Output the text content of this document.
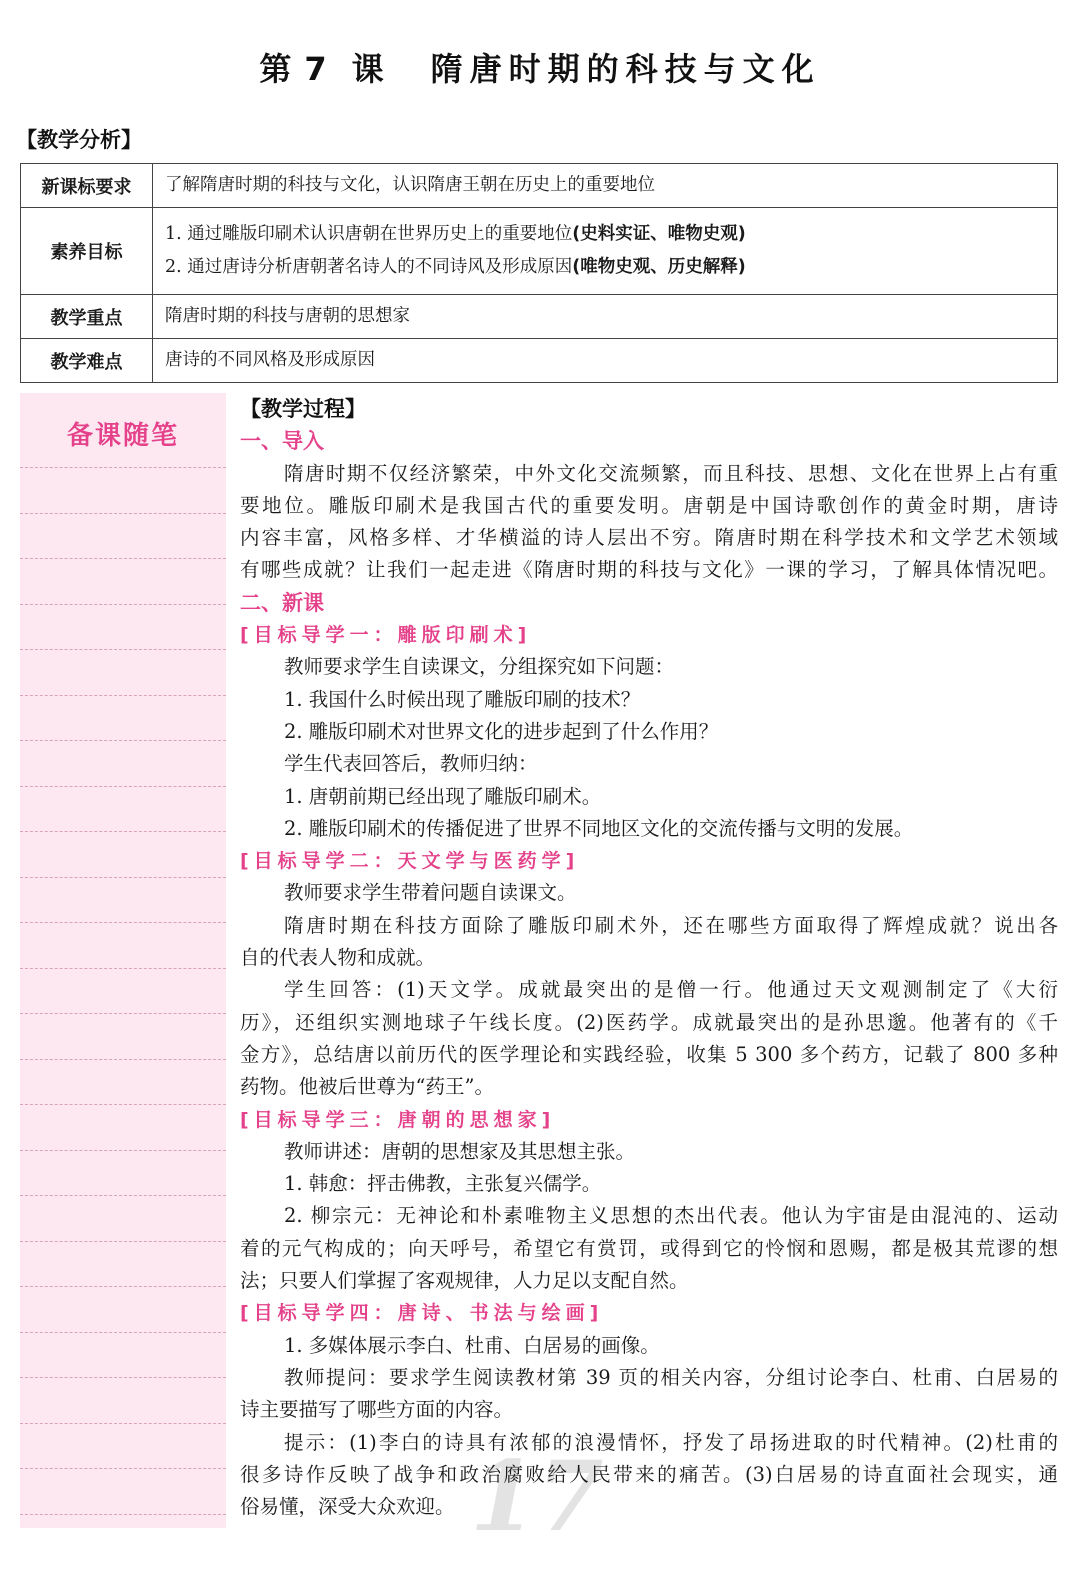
第 7 课 隋唐时期的科技与文化
【教学分析】
新课标要求	了解隋唐时期的科技与文化，认识隋唐王朝在历史上的重要地位

素养目标	1. 通过雕版印刷术认识唐朝在世界历史上的重要地位(史料实证、唯物史观)
2. 通过唐诗分析唐朝著名诗人的不同诗风及形成原因(唯物史观、历史解释)

教学重点	隋唐时期的科技与唐朝的思想家

教学难点	唐诗的不同风格及形成原因
备课随笔
17

【教学过程】

一、导入

隋唐时期不仅经济繁荣，中外文化交流频繁，而且科技、思想、文化在世界上占有重

要地位。雕版印刷术是我国古代的重要发明。唐朝是中国诗歌创作的黄金时期，唐诗

内容丰富，风格多样、才华横溢的诗人层出不穷。隋唐时期在科学技术和文学艺术领域

有哪些成就？让我们一起走进《隋唐时期的科技与文化》一课的学习，了解具体情况吧。

二、新课

[目标导学一：雕版印刷术]

教师要求学生自读课文，分组探究如下问题：

1. 我国什么时候出现了雕版印刷的技术？

2. 雕版印刷术对世界文化的进步起到了什么作用？

学生代表回答后，教师归纳：

1. 唐朝前期已经出现了雕版印刷术。

2. 雕版印刷术的传播促进了世界不同地区文化的交流传播与文明的发展。

[目标导学二：天文学与医药学]

教师要求学生带着问题自读课文。

隋唐时期在科技方面除了雕版印刷术外，还在哪些方面取得了辉煌成就？说出各

自的代表人物和成就。

学生回答：(1)天文学。成就最突出的是僧一行。他通过天文观测制定了《大衍

历》，还组织实测地球子午线长度。(2)医药学。成就最突出的是孙思邈。他著有的《千

金方》，总结唐以前历代的医学理论和实践经验，收集 5 300 多个药方，记载了 800 多种

药物。他被后世尊为“药王”。

[目标导学三：唐朝的思想家]

教师讲述：唐朝的思想家及其思想主张。

1. 韩愈：抨击佛教，主张复兴儒学。

2. 柳宗元：无神论和朴素唯物主义思想的杰出代表。他认为宇宙是由混沌的、运动

着的元气构成的；向天呼号，希望它有赏罚，或得到它的怜悯和恩赐，都是极其荒谬的想

法；只要人们掌握了客观规律，人力足以支配自然。

[目标导学四：唐诗、书法与绘画]

1. 多媒体展示李白、杜甫、白居易的画像。

教师提问：要求学生阅读教材第 39 页的相关内容，分组讨论李白、杜甫、白居易的

诗主要描写了哪些方面的内容。

提示：(1)李白的诗具有浓郁的浪漫情怀，抒发了昂扬进取的时代精神。(2)杜甫的

很多诗作反映了战争和政治腐败给人民带来的痛苦。(3)白居易的诗直面社会现实，通

俗易懂，深受大众欢迎。
